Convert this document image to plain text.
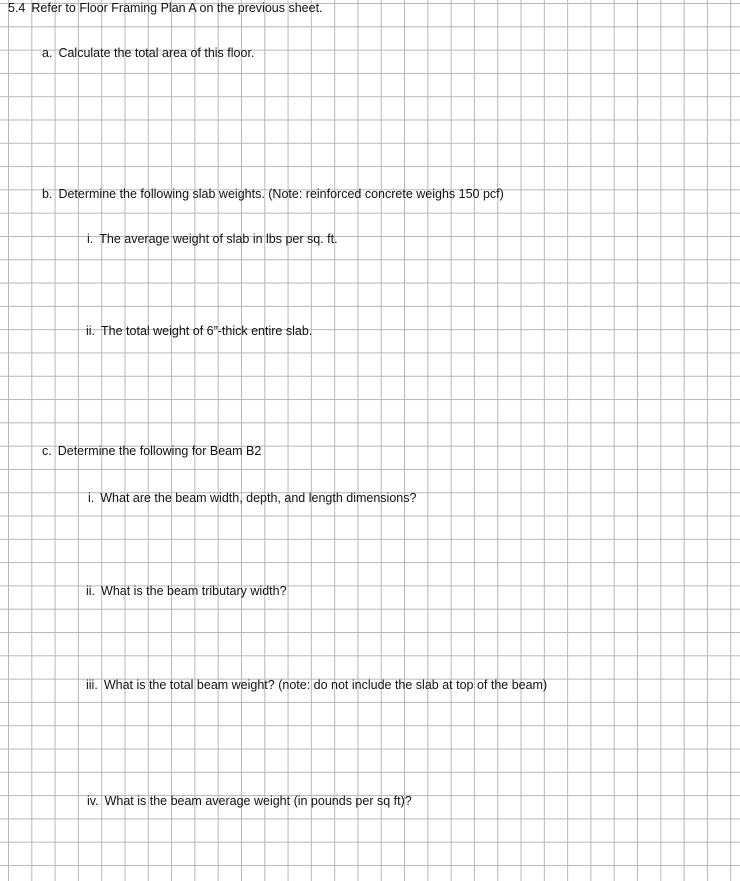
5.4 Refer to Floor Framing Plan A on the previous sheet.
a. Calculate the total area of this floor.
b. Determine the following slab weights. (Note: reinforced concrete weighs 150 pcf)
i. The average weight of slab in lbs per sq. ft.
ii. The total weight of 6”-thick entire slab.
c. Determine the following for Beam B2
i. What are the beam width, depth, and length dimensions?
ii. What is the beam tributary width?
iii. What is the total beam weight? (note: do not include the slab at top of the beam)
iv. What is the beam average weight (in pounds per sq ft)?
